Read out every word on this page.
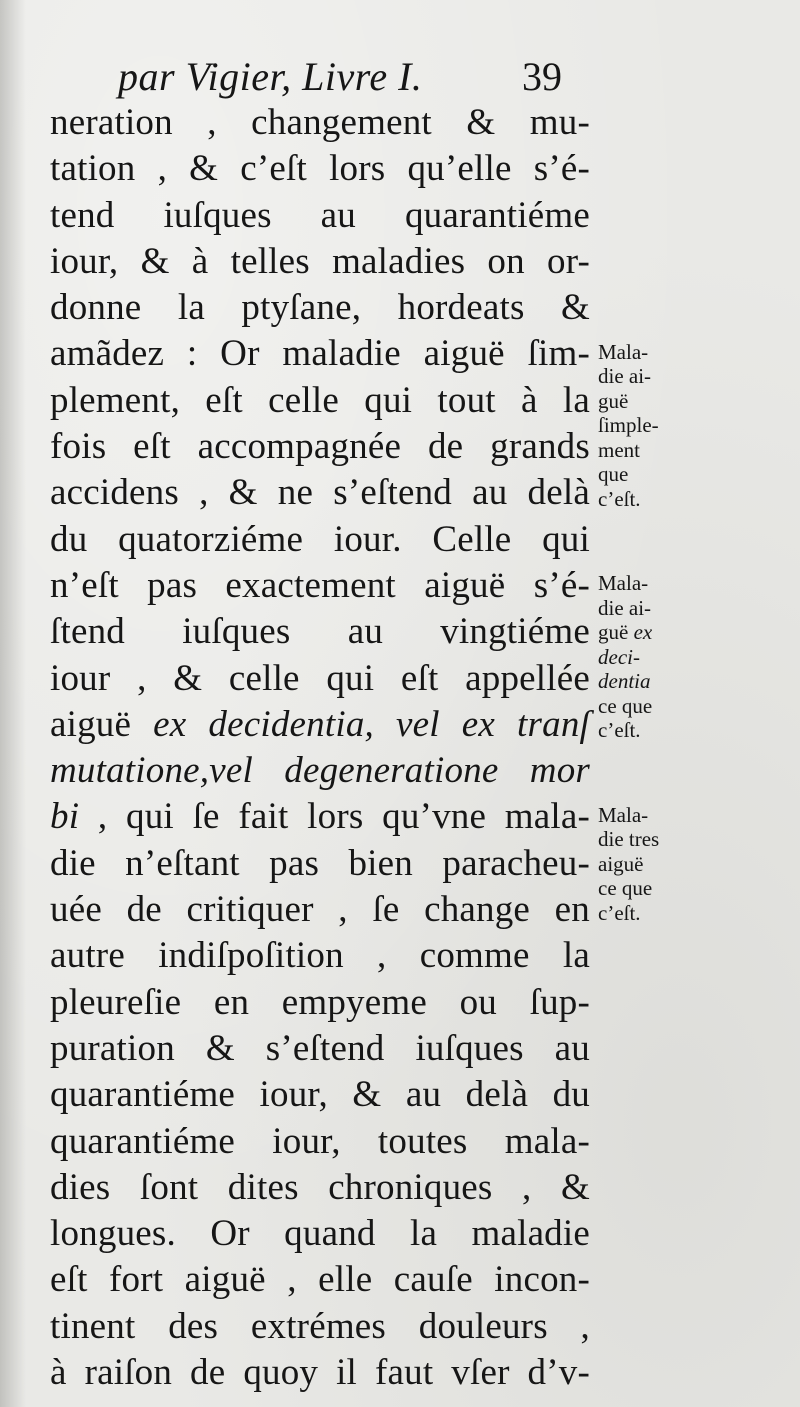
par Vigier, Livre I. 39
neration , changement & mu-
tation , & c’eſt lors qu’elle s’é-
tend iuſques au quarantiéme
iour, & à telles maladies on or-
donne la ptyſane, hordeats &
amãdez : Or maladie aiguë ſim-
plement, eſt celle qui tout à la
fois eſt accompagnée de grands
accidens , & ne s’eſtend au delà
du quatorziéme iour. Celle qui
n’eſt pas exactement aiguë s’é-
ſtend iuſques au vingtiéme
iour , & celle qui eſt appellée
aiguë ex decidentia, vel ex tranſ
mutatione,vel degeneratione mor
bi , qui ſe fait lors qu’vne mala-
die n’eſtant pas bien paracheu-
uée de critiquer , ſe change en
autre indiſpoſition , comme la
pleureſie en empyeme ou ſup-
puration & s’eſtend iuſques au
quarantiéme iour, & au delà du
quarantiéme iour, toutes mala-
dies ſont dites chroniques , &
longues. Or quand la maladie
eſt fort aiguë , elle cauſe incon-
tinent des extrémes douleurs ,
à raiſon de quoy il faut vſer d’v-
Mala-
die ai-
guë
ſimple-
ment
que
c’eſt.
Mala-
die ai-
guë ex
deci-
dentia
ce que
c’eſt.
Mala-
die tres
aiguë
ce que
c’eſt.
